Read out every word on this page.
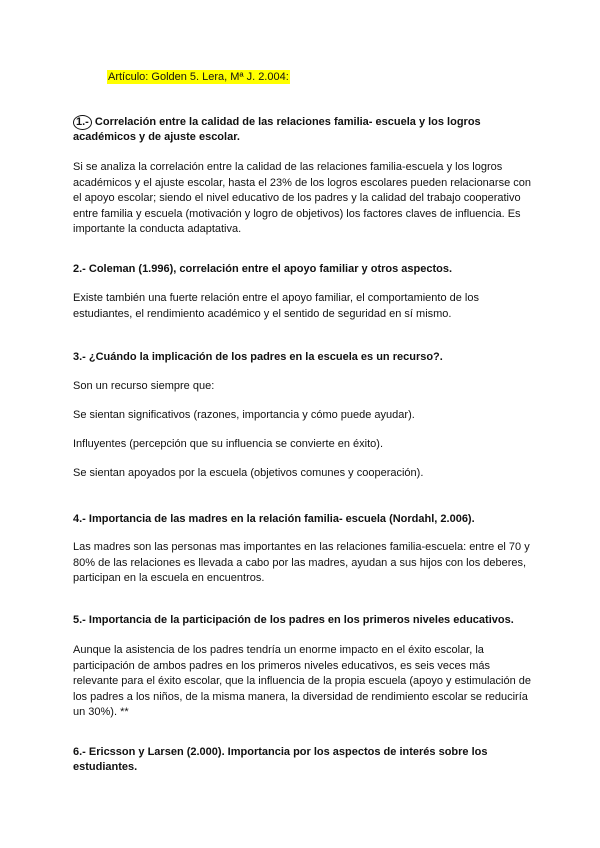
Artículo: Golden 5. Lera, Mª J. 2.004:

1.- Correlación entre la calidad de las relaciones familia- escuela y los logros académicos y de ajuste escolar.

Si se analiza la correlación entre la calidad de las relaciones familia-escuela y los logros académicos y el ajuste escolar, hasta el 23% de los logros escolares pueden relacionarse con el apoyo escolar; siendo el nivel educativo de los padres y la calidad del trabajo cooperativo entre familia y escuela (motivación y logro de objetivos) los factores claves de influencia. Es importante la conducta adaptativa.

2.- Coleman (1.996), correlación entre el apoyo familiar y otros aspectos.

Existe también una fuerte relación entre el apoyo familiar, el comportamiento de los estudiantes, el rendimiento académico y el sentido de seguridad en sí mismo.

3.- ¿Cuándo la implicación de los padres en la escuela es un recurso?.

Son un recurso siempre que:

Se sientan significativos (razones, importancia y cómo puede ayudar).

Influyentes (percepción que su influencia se convierte en éxito).

Se sientan apoyados por la escuela (objetivos comunes y cooperación).

4.- Importancia de las madres en la relación familia- escuela (Nordahl, 2.006).

Las madres son las personas mas importantes en las relaciones familia-escuela: entre el 70 y 80% de las relaciones es llevada a cabo por las madres, ayudan a sus hijos con los deberes, participan en la escuela en encuentros.

5.- Importancia de la participación de los padres en los primeros niveles educativos.

Aunque la asistencia de los padres tendría un enorme impacto en el éxito escolar, la participación de ambos padres en los primeros niveles educativos, es seis veces más relevante para el éxito escolar, que la influencia de la propia escuela (apoyo y estimulación de los padres a los niños, de la misma manera, la diversidad de rendimiento escolar se reduciría un 30%). **

6.- Ericsson y Larsen (2.000). Importancia por los aspectos de interés sobre los estudiantes.
